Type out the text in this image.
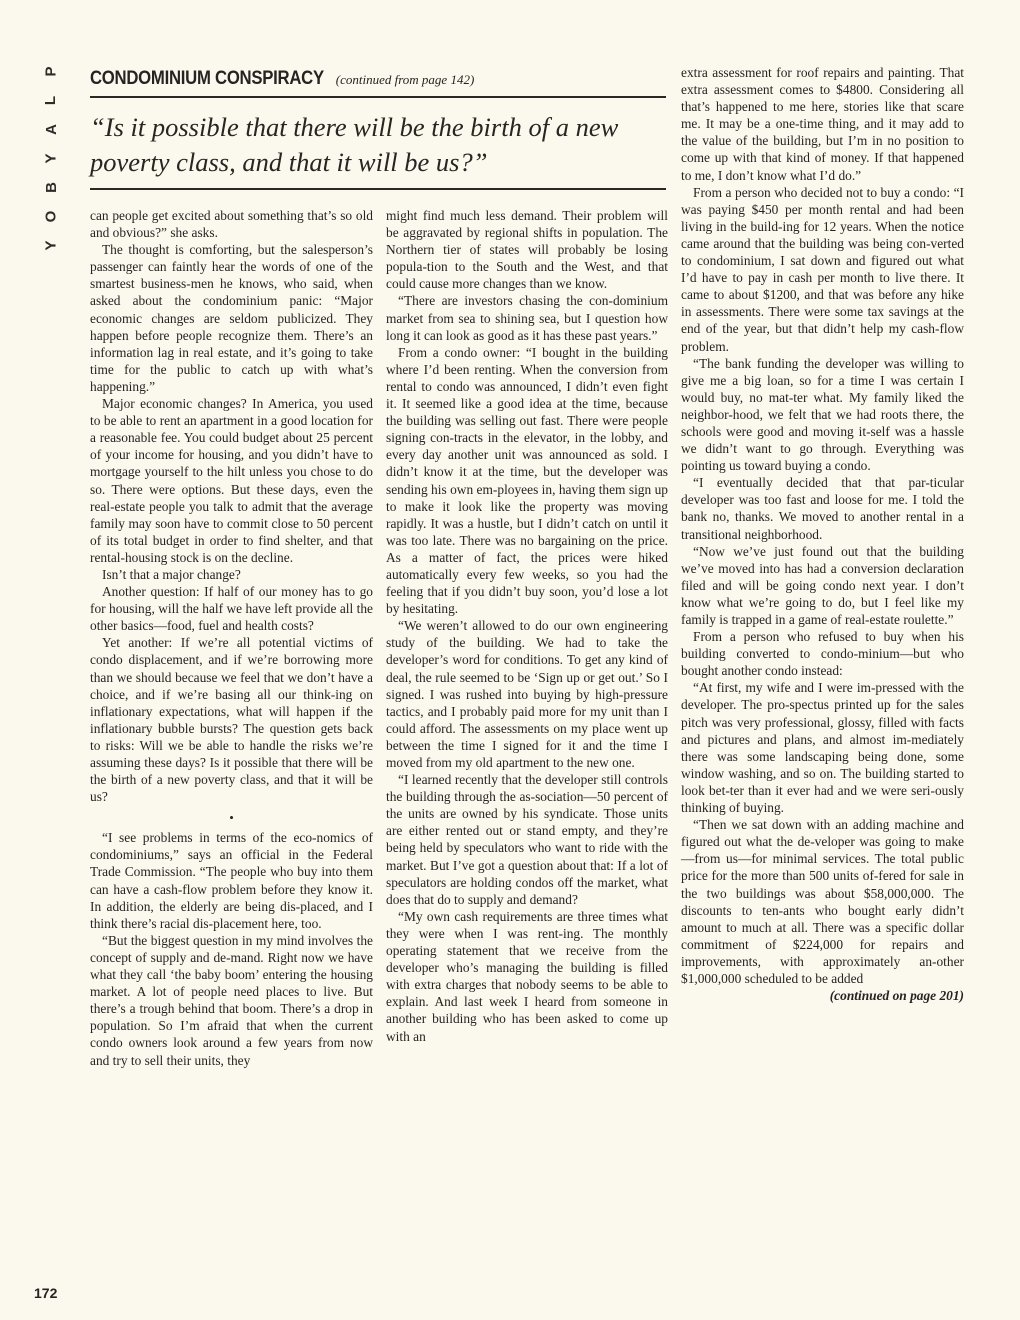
P
L
A
Y
B
O
Y
CONDOMINIUM CONSPIRACY (continued from page 142)
“Is it possible that there will be the birth of a new poverty class, and that it will be us?”

can people get excited about something that’s so old and obvious?” she asks.

The thought is comforting, but the salesperson’s passenger can faintly hear the words of one of the smartest business-men he knows, who said, when asked about the condominium panic: “Major economic changes are seldom publicized. They happen before people recognize them. There’s an information lag in real estate, and it’s going to take time for the public to catch up with what’s happening.”

Major economic changes? In America, you used to be able to rent an apartment in a good location for a reasonable fee. You could budget about 25 percent of your income for housing, and you didn’t have to mortgage yourself to the hilt unless you chose to do so. There were options. But these days, even the real-estate people you talk to admit that the average family may soon have to commit close to 50 percent of its total budget in order to find shelter, and that rental-housing stock is on the decline.

Isn’t that a major change?

Another question: If half of our money has to go for housing, will the half we have left provide all the other basics—food, fuel and health costs?

Yet another: If we’re all potential victims of condo displacement, and if we’re borrowing more than we should because we feel that we don’t have a choice, and if we’re basing all our think-ing on inflationary expectations, what will happen if the inflationary bubble bursts? The question gets back to risks: Will we be able to handle the risks we’re assuming these days? Is it possible that there will be the birth of a new poverty class, and that it will be us?

•

“I see problems in terms of the eco-nomics of condominiums,” says an official in the Federal Trade Commission. “The people who buy into them can have a cash-flow problem before they know it. In addition, the elderly are being dis-placed, and I think there’s racial dis-placement here, too.

“But the biggest question in my mind involves the concept of supply and de-mand. Right now we have what they call ‘the baby boom’ entering the housing market. A lot of people need places to live. But there’s a trough behind that boom. There’s a drop in population. So I’m afraid that when the current condo owners look around a few years from now and try to sell their units, they

might find much less demand. Their problem will be aggravated by regional shifts in population. The Northern tier of states will probably be losing popula-tion to the South and the West, and that could cause more changes than we know.

“There are investors chasing the con-dominium market from sea to shining sea, but I question how long it can look as good as it has these past years.”

From a condo owner: “I bought in the building where I’d been renting. When the conversion from rental to condo was announced, I didn’t even fight it. It seemed like a good idea at the time, because the building was selling out fast. There were people signing con-tracts in the elevator, in the lobby, and every day another unit was announced as sold. I didn’t know it at the time, but the developer was sending his own em-ployees in, having them sign up to make it look like the property was moving rapidly. It was a hustle, but I didn’t catch on until it was too late. There was no bargaining on the price. As a matter of fact, the prices were hiked automatically every few weeks, so you had the feeling that if you didn’t buy soon, you’d lose a lot by hesitating.

“We weren’t allowed to do our own engineering study of the building. We had to take the developer’s word for conditions. To get any kind of deal, the rule seemed to be ‘Sign up or get out.’ So I signed. I was rushed into buying by high-pressure tactics, and I probably paid more for my unit than I could afford. The assessments on my place went up between the time I signed for it and the time I moved from my old apartment to the new one.

“I learned recently that the developer still controls the building through the as-sociation—50 percent of the units are owned by his syndicate. Those units are either rented out or stand empty, and they’re being held by speculators who want to ride with the market. But I’ve got a question about that: If a lot of speculators are holding condos off the market, what does that do to supply and demand?

“My own cash requirements are three times what they were when I was rent-ing. The monthly operating statement that we receive from the developer who’s managing the building is filled with extra charges that nobody seems to be able to explain. And last week I heard from someone in another building who has been asked to come up with an

extra assessment for roof repairs and painting. That extra assessment comes to $4800. Considering all that’s happened to me here, stories like that scare me. It may be a one-time thing, and it may add to the value of the building, but I’m in no position to come up with that kind of money. If that happened to me, I don’t know what I’d do.”

From a person who decided not to buy a condo: “I was paying $450 per month rental and had been living in the build-ing for 12 years. When the notice came around that the building was being con-verted to condominium, I sat down and figured out what I’d have to pay in cash per month to live there. It came to about $1200, and that was before any hike in assessments. There were some tax savings at the end of the year, but that didn’t help my cash-flow problem.

“The bank funding the developer was willing to give me a big loan, so for a time I was certain I would buy, no mat-ter what. My family liked the neighbor-hood, we felt that we had roots there, the schools were good and moving it-self was a hassle we didn’t want to go through. Everything was pointing us toward buying a condo.

“I eventually decided that that par-ticular developer was too fast and loose for me. I told the bank no, thanks. We moved to another rental in a transitional neighborhood.

“Now we’ve just found out that the building we’ve moved into has had a conversion declaration filed and will be going condo next year. I don’t know what we’re going to do, but I feel like my family is trapped in a game of real-estate roulette.”

From a person who refused to buy when his building converted to condo-minium—but who bought another condo instead:

“At first, my wife and I were im-pressed with the developer. The pro-spectus printed up for the sales pitch was very professional, glossy, filled with facts and pictures and plans, and almost im-mediately there was some landscaping being done, some window washing, and so on. The building started to look bet-ter than it ever had and we were seri-ously thinking of buying.

“Then we sat down with an adding machine and figured out what the de-veloper was going to make—from us—for minimal services. The total public price for the more than 500 units of-fered for sale in the two buildings was about $58,000,000. The discounts to ten-ants who bought early didn’t amount to much at all. There was a specific dollar commitment of $224,000 for repairs and improvements, with approximately an-other $1,000,000 scheduled to be added

(continued on page 201)

172
